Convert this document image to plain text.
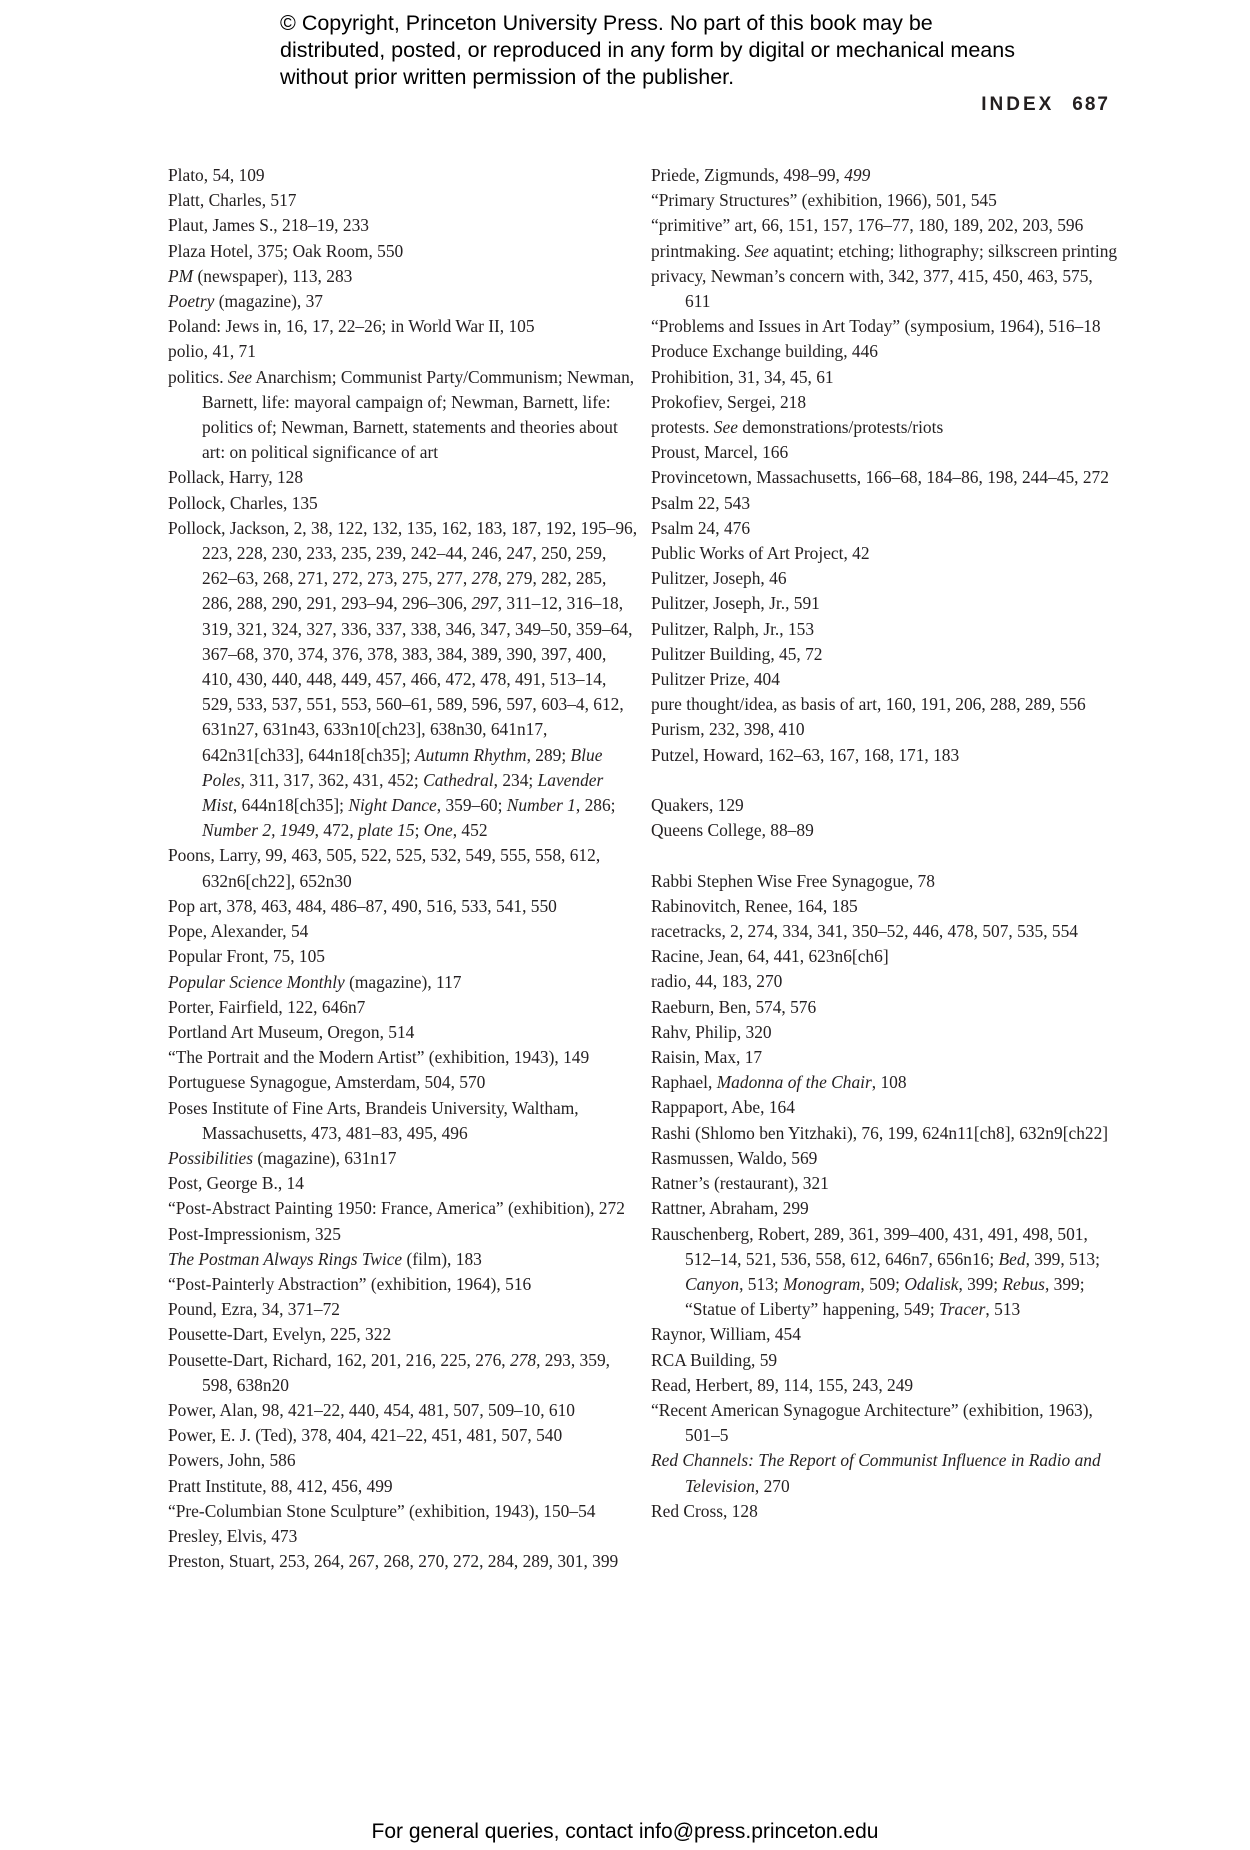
© Copyright, Princeton University Press. No part of this book may be distributed, posted, or reproduced in any form by digital or mechanical means without prior written permission of the publisher.
INDEX 687
Plato, 54, 109
Platt, Charles, 517
Plaut, James S., 218–19, 233
Plaza Hotel, 375; Oak Room, 550
PM (newspaper), 113, 283
Poetry (magazine), 37
Poland: Jews in, 16, 17, 22–26; in World War II, 105
polio, 41, 71
politics. See Anarchism; Communist Party/Communism; Newman, Barnett, life: mayoral campaign of; Newman, Barnett, life: politics of; Newman, Barnett, statements and theories about art: on political significance of art
Pollack, Harry, 128
Pollock, Charles, 135
Pollock, Jackson, 2, 38, 122, 132, 135, 162, 183, 187, 192, 195–96, 223, 228, 230, 233, 235, 239, 242–44, 246, 247, 250, 259, 262–63, 268, 271, 272, 273, 275, 277, 278, 279, 282, 285, 286, 288, 290, 291, 293–94, 296–306, 297, 311–12, 316–18, 319, 321, 324, 327, 336, 337, 338, 346, 347, 349–50, 359–64, 367–68, 370, 374, 376, 378, 383, 384, 389, 390, 397, 400, 410, 430, 440, 448, 449, 457, 466, 472, 478, 491, 513–14, 529, 533, 537, 551, 553, 560–61, 589, 596, 597, 603–4, 612, 631n27, 631n43, 633n10[ch23], 638n30, 641n17, 642n31[ch33], 644n18[ch35]; Autumn Rhythm, 289; Blue Poles, 311, 317, 362, 431, 452; Cathedral, 234; Lavender Mist, 644n18[ch35]; Night Dance, 359–60; Number 1, 286; Number 2, 1949, 472, plate 15; One, 452
Poons, Larry, 99, 463, 505, 522, 525, 532, 549, 555, 558, 612, 632n6[ch22], 652n30
Pop art, 378, 463, 484, 486–87, 490, 516, 533, 541, 550
Pope, Alexander, 54
Popular Front, 75, 105
Popular Science Monthly (magazine), 117
Porter, Fairfield, 122, 646n7
Portland Art Museum, Oregon, 514
“The Portrait and the Modern Artist” (exhibition, 1943), 149
Portuguese Synagogue, Amsterdam, 504, 570
Poses Institute of Fine Arts, Brandeis University, Waltham, Massachusetts, 473, 481–83, 495, 496
Possibilities (magazine), 631n17
Post, George B., 14
“Post-Abstract Painting 1950: France, America” (exhibition), 272
Post-Impressionism, 325
The Postman Always Rings Twice (film), 183
“Post-Painterly Abstraction” (exhibition, 1964), 516
Pound, Ezra, 34, 371–72
Pousette-Dart, Evelyn, 225, 322
Pousette-Dart, Richard, 162, 201, 216, 225, 276, 278, 293, 359, 598, 638n20
Power, Alan, 98, 421–22, 440, 454, 481, 507, 509–10, 610
Power, E. J. (Ted), 378, 404, 421–22, 451, 481, 507, 540
Powers, John, 586
Pratt Institute, 88, 412, 456, 499
“Pre-Columbian Stone Sculpture” (exhibition, 1943), 150–54
Presley, Elvis, 473
Preston, Stuart, 253, 264, 267, 268, 270, 272, 284, 289, 301, 399
Priede, Zigmunds, 498–99, 499
“Primary Structures” (exhibition, 1966), 501, 545
“primitive” art, 66, 151, 157, 176–77, 180, 189, 202, 203, 596
printmaking. See aquatint; etching; lithography; silkscreen printing
privacy, Newman’s concern with, 342, 377, 415, 450, 463, 575, 611
“Problems and Issues in Art Today” (symposium, 1964), 516–18
Produce Exchange building, 446
Prohibition, 31, 34, 45, 61
Prokofiev, Sergei, 218
protests. See demonstrations/protests/riots
Proust, Marcel, 166
Provincetown, Massachusetts, 166–68, 184–86, 198, 244–45, 272
Psalm 22, 543
Psalm 24, 476
Public Works of Art Project, 42
Pulitzer, Joseph, 46
Pulitzer, Joseph, Jr., 591
Pulitzer, Ralph, Jr., 153
Pulitzer Building, 45, 72
Pulitzer Prize, 404
pure thought/idea, as basis of art, 160, 191, 206, 288, 289, 556
Purism, 232, 398, 410
Putzel, Howard, 162–63, 167, 168, 171, 183
Quakers, 129
Queens College, 88–89
Rabbi Stephen Wise Free Synagogue, 78
Rabinovitch, Renee, 164, 185
racetracks, 2, 274, 334, 341, 350–52, 446, 478, 507, 535, 554
Racine, Jean, 64, 441, 623n6[ch6]
radio, 44, 183, 270
Raeburn, Ben, 574, 576
Rahv, Philip, 320
Raisin, Max, 17
Raphael, Madonna of the Chair, 108
Rappaport, Abe, 164
Rashi (Shlomo ben Yitzhaki), 76, 199, 624n11[ch8], 632n9[ch22]
Rasmussen, Waldo, 569
Ratner’s (restaurant), 321
Rattner, Abraham, 299
Rauschenberg, Robert, 289, 361, 399–400, 431, 491, 498, 501, 512–14, 521, 536, 558, 612, 646n7, 656n16; Bed, 399, 513; Canyon, 513; Monogram, 509; Odalisk, 399; Rebus, 399; “Statue of Liberty” happening, 549; Tracer, 513
Raynor, William, 454
RCA Building, 59
Read, Herbert, 89, 114, 155, 243, 249
“Recent American Synagogue Architecture” (exhibition, 1963), 501–5
Red Channels: The Report of Communist Influence in Radio and Television, 270
Red Cross, 128
For general queries, contact info@press.princeton.edu
